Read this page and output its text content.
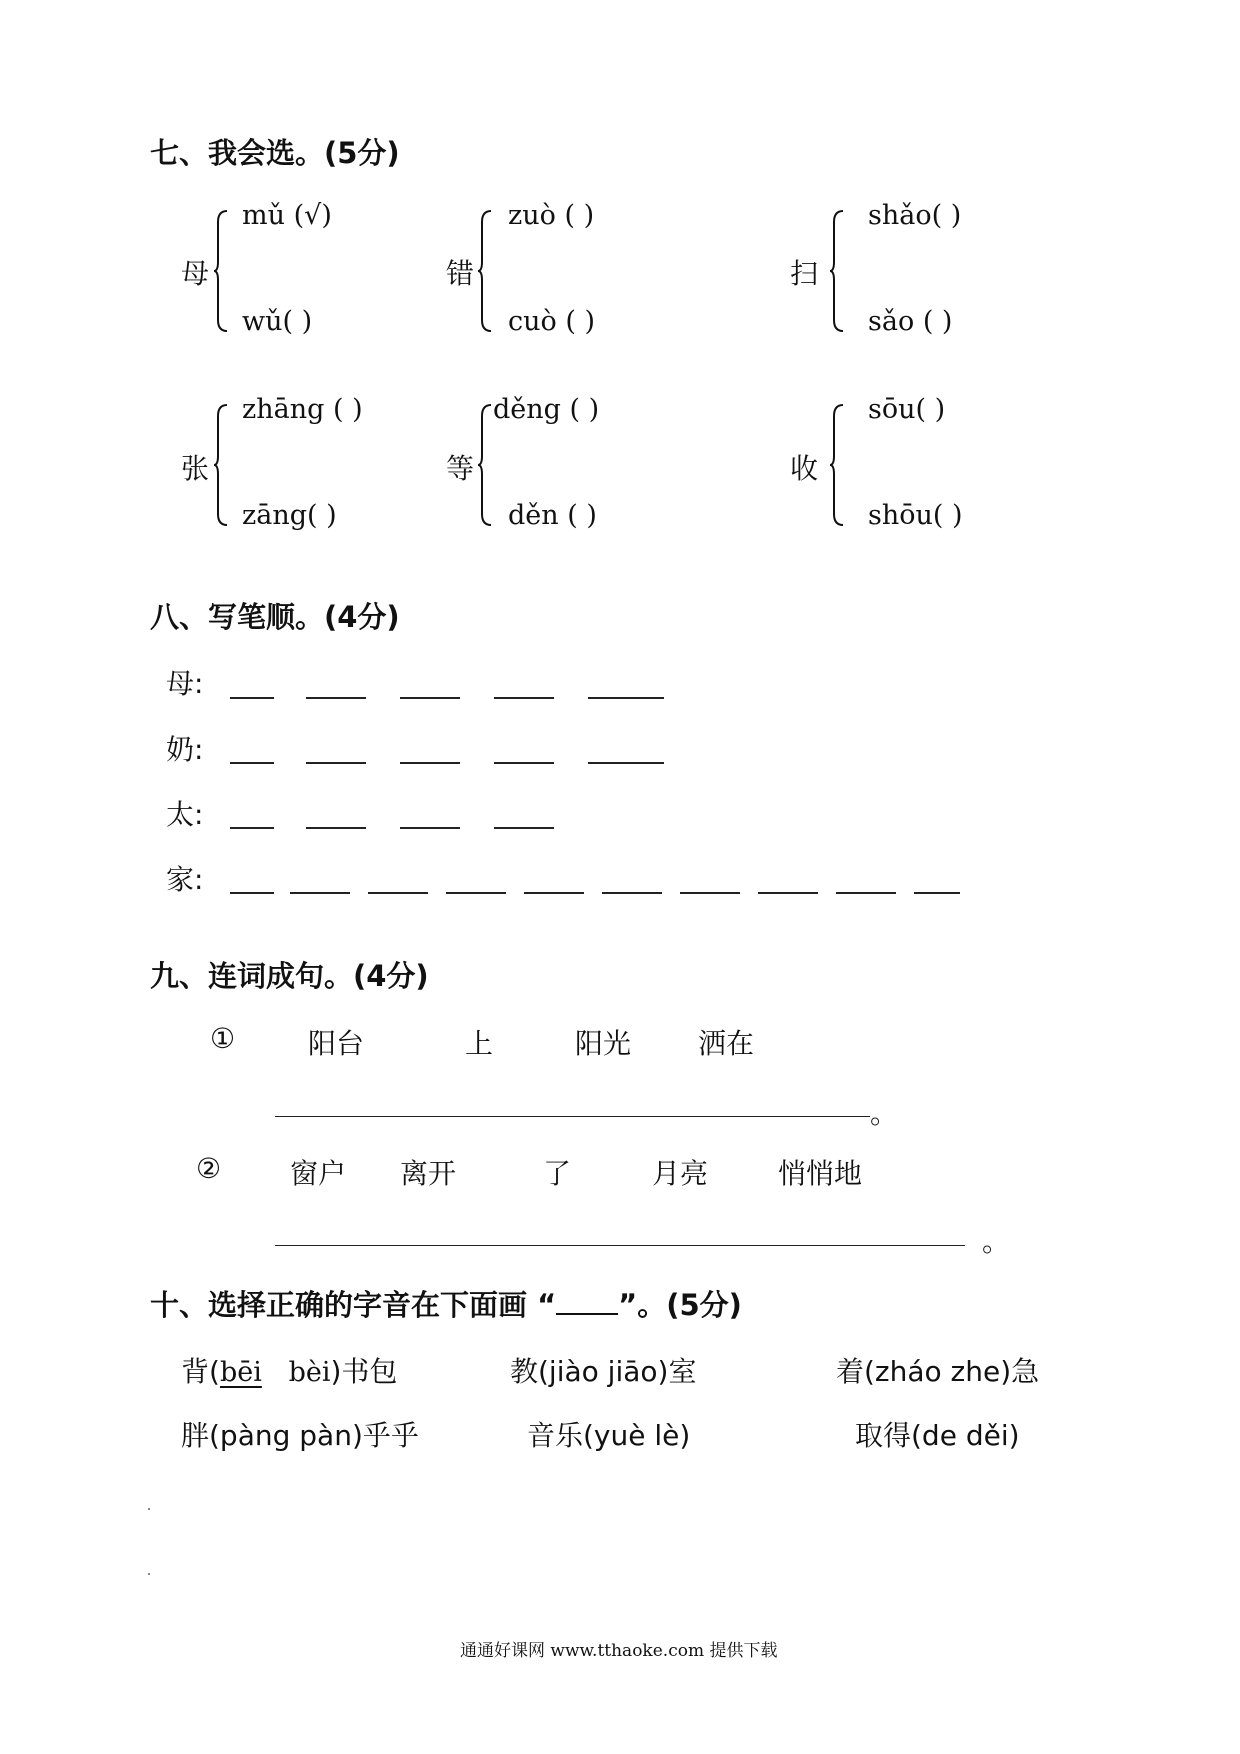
七、我会选。(5分)
母
mǔ (√)
wǔ( )
错
zuò ( )
cuò ( )
扫
shǎo( )
sǎo ( )
张
zhāng ( )
zāng( )
等
děng ( )
děn ( )
收
sōu( )
shōu( )
八、写笔顺。(4分)
母:
奶:
太:
家:
九、连词成句。(4分)
①	阳台	上	阳光 洒在
。
② 窗户 离开	了	月亮 悄悄地
。
十、选择正确的字音在下面画 “ ”。(5分)
背(bēi bèi)书包	教(jiào jiāo)室	着(zháo zhe)急
胖(pàng pàn)乎乎	音乐(yuè lè)	取得(de děi)
通通好课网 www.tthaoke.com 提供下载
